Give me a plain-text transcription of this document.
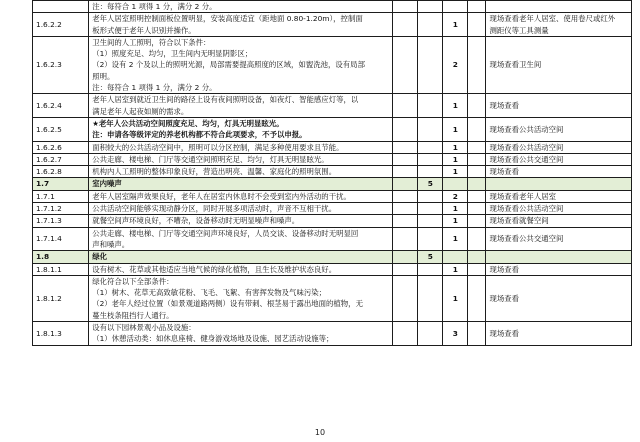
	注：每符合 1 项得 1 分，满分 2 分。					

1.6.2.2	老年人居室照明控制面板位置明显，安装高度适宜（距地面 0.80-1.20m），控制面
板形式便于老年人识别并操作。			1		现场查看老年人居室、使用卷尺或红外
测距仪等工具测量

1.6.2.3	卫生间的人工照明，符合以下条件：
（1）照度充足、均匀，卫生间内无明显阴影区；
（2）设有 2 个及以上的照明光源，局部需要提高照度的区域，如盥洗池，设有局部
照明。
注：每符合 1 项得 1 分，满分 2 分。			2		现场查看卫生间

1.6.2.4	老年人居室到就近卫生间的路径上设有夜间照明设备，如夜灯、智能感应灯等，以
满足老年人起夜如厕的需求。			1		现场查看

1.6.2.5	★老年人公共活动空间照度充足、均匀，灯具无明显眩光。
注：申请各等级评定的养老机构都不符合此项要求，不予以申报。			1		现场查看公共活动空间

1.6.2.6	面积较大的公共活动空间中，照明可以分区控制，满足多种使用要求且节能。			1		现场查看公共活动空间

1.6.2.7	公共走廊、楼电梯、门厅等交通空间照明充足、均匀，灯具无明显眩光。			1		现场查看公共交通空间

1.6.2.8	机构内人工照明的整体印象良好，营造出明亮、温馨、家庭化的照明氛围。			1		现场查看

1.7	室内噪声		5			

1.7.1	老年人居室隔声效果良好，老年人在居室内休息时不会受到室内外活动的干扰。			2		现场查看老年人居室

1.7.1.2	公共活动空间能够实现动静分区，同时开展多项活动时，声音不互相干扰。			1		现场查看公共活动空间

1.7.1.3	就餐空间声环境良好，不嘈杂，设备移动时无明显噪声和嗓声。			1		现场查看就餐空间

1.7.1.4	公共走廊、楼电梯、门厅等交通空间声环境良好，人员交谈、设备移动时无明显回
声和嗓声。			1		现场查看公共交通空间

1.8	绿化		5			

1.8.1.1	设有树木、花草或其他适应当地气候的绿化植物，且生长及维护状态良好。			1		现场查看

1.8.1.2	绿化符合以下全部条件：
（1）树木、花草无高致敏花粉、飞毛、飞絮、有害挥发物及气味污染；
（2）老年人经过位置（如景观道路两侧）设有带刺、根茎易于露出地面的植物，无
蔓生枝条阻挡行人通行。			1		现场查看

1.8.1.3	设有以下园林景观小品及设施：
（1）休憩活动类：如休息座椅、健身游戏场地及设施、园艺活动设施等；			3		现场查看
10
